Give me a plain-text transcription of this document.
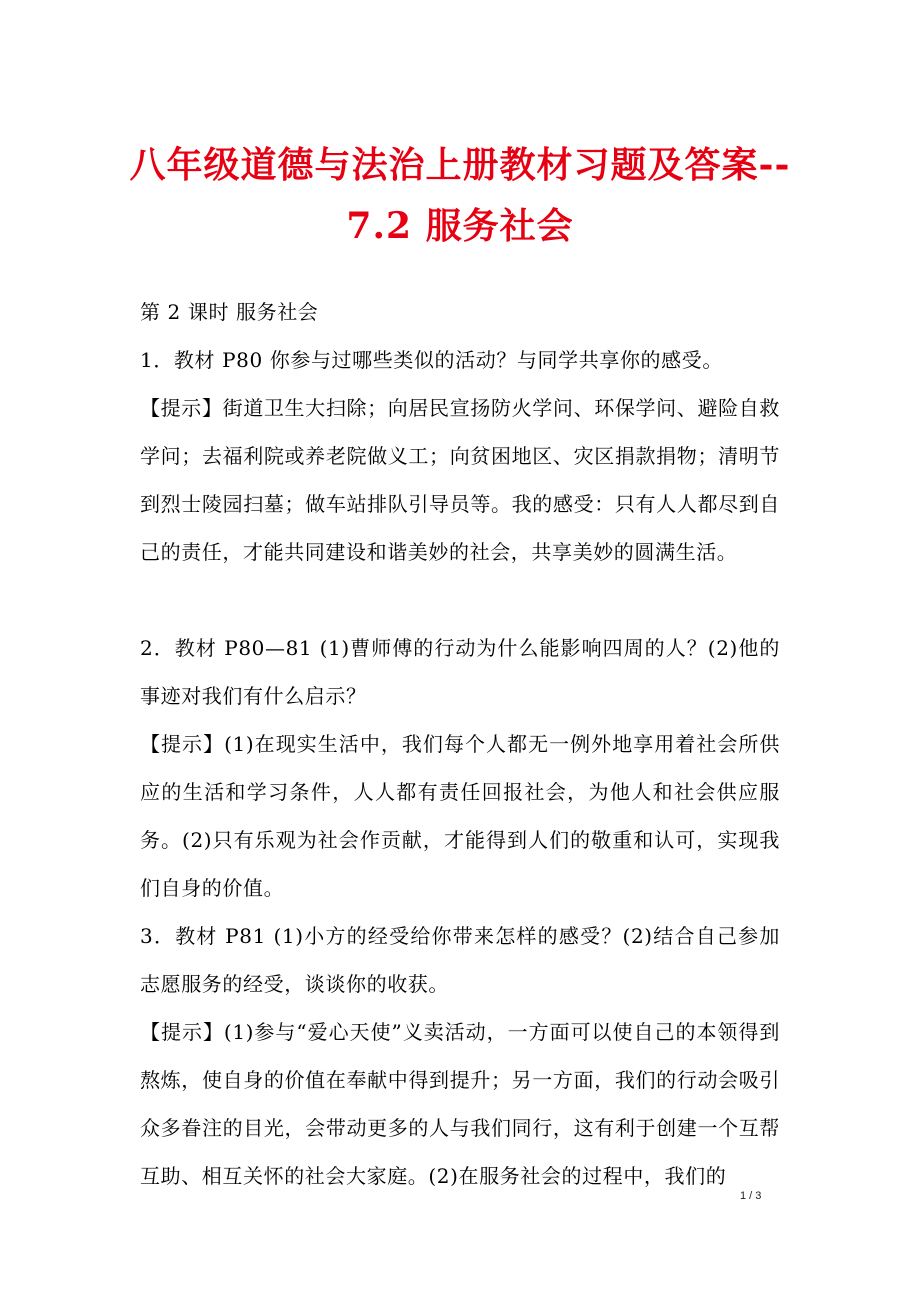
八年级道德与法治上册教材习题及答案--
7.2 服务社会
第 2 课时 服务社会
1．教材 P80 你参与过哪些类似的活动？与同学共享你的感受。
【提示】街道卫生大扫除；向居民宣扬防火学问、环保学问、避险自救学问；去福利院或养老院做义工；向贫困地区、灾区捐款捐物；清明节到烈士陵园扫墓；做车站排队引导员等。我的感受：只有人人都尽到自己的责任，才能共同建设和谐美妙的社会，共享美妙的圆满生活。
2．教材 P80—81 (1)曹师傅的行动为什么能影响四周的人？(2)他的事迹对我们有什么启示？
【提示】(1)在现实生活中，我们每个人都无一例外地享用着社会所供应的生活和学习条件，人人都有责任回报社会，为他人和社会供应服务。(2)只有乐观为社会作贡献，才能得到人们的敬重和认可，实现我们自身的价值。
3．教材 P81 (1)小方的经受给你带来怎样的感受？(2)结合自己参加志愿服务的经受，谈谈你的收获。
【提示】(1)参与“爱心天使”义卖活动，一方面可以使自己的本领得到熬炼，使自身的价值在奉献中得到提升；另一方面，我们的行动会吸引众多眷注的目光，会带动更多的人与我们同行，这有利于创建一个互帮互助、相互关怀的社会大家庭。(2)在服务社会的过程中，我们的
1 / 3
